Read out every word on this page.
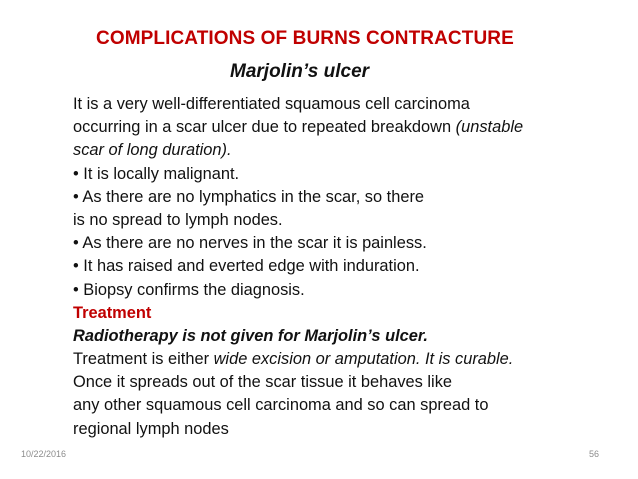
COMPLICATIONS OF BURNS CONTRACTURE
Marjolin’s ulcer
10/22/2016
It is a very well-differentiated squamous cell carcinoma
occurring in a scar ulcer due to repeated breakdown (unstable
scar of long duration).
• It is locally malignant.
• As there are no lymphatics in the scar, so there
is no spread to lymph nodes.
• As there are no nerves in the scar it is painless.
• It has raised and everted edge with induration.
• Biopsy confirms the diagnosis.
Treatment
Radiotherapy is not given for Marjolin’s ulcer.
Treatment is either wide excision or amputation. It is curable.
Once it spreads out of the scar tissue it behaves like
any other squamous cell carcinoma and so can spread to
regional lymph nodes
56
